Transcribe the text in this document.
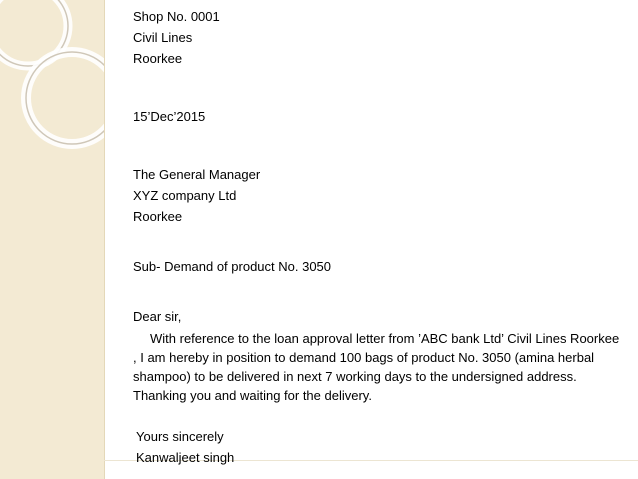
Shop No. 0001
Civil Lines
Roorkee
15’Dec’2015
The General Manager
XYZ company Ltd
Roorkee
Sub- Demand of product No. 3050
Dear sir,
With reference to the loan approval letter from ’ABC bank Ltd’ Civil Lines Roorkee , I am hereby in position to demand 100 bags of product No. 3050 (amina herbal shampoo) to be delivered in next 7 working days to the undersigned address. Thanking you and waiting for the delivery.
Yours sincerely
Kanwaljeet singh
